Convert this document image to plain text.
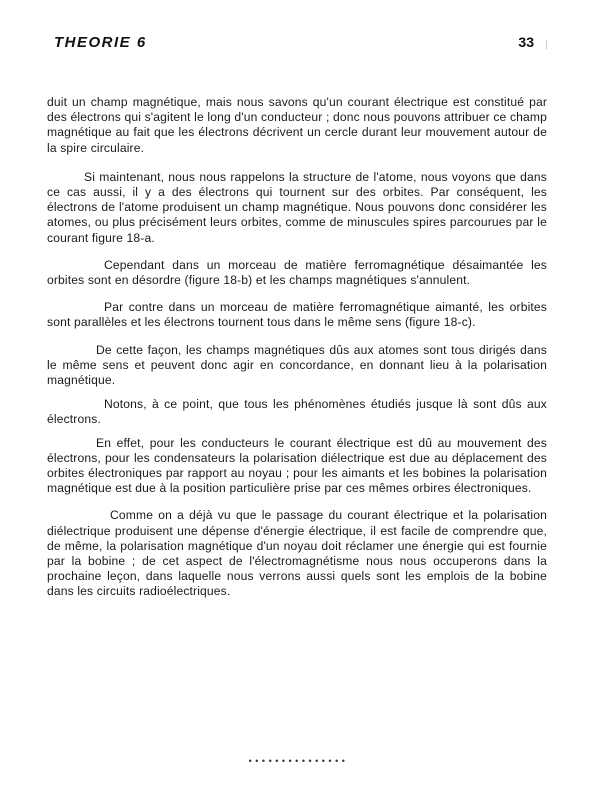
THEORIE 6	33

duit un champ magnétique, mais nous savons qu'un courant électrique est constitué par des électrons qui s'agitent le long d'un conducteur ; donc nous pouvons attribuer ce champ magnétique au fait que les électrons décrivent un cercle durant leur mouvement autour de la spire circulaire.

Si maintenant, nous nous rappelons la structure de l'atome, nous voyons que dans ce cas aussi, il y a des électrons qui tournent sur des orbites. Par conséquent, les électrons de l'atome produisent un champ magnétique. Nous pouvons donc considérer les atomes, ou plus précisément leurs orbites, comme de minuscules spires parcourues par le courant figure 18-a.

Cependant dans un morceau de matière ferromagnétique désaimantée les orbites sont en désordre (figure 18-b) et les champs magnétiques s'annulent.

Par contre dans un morceau de matière ferromagnétique aimanté, les orbites sont parallèles et les électrons tournent tous dans le même sens (figure 18-c).

De cette façon, les champs magnétiques dûs aux atomes sont tous dirigés dans le même sens et peuvent donc agir en concordance, en donnant lieu à la polarisation magnétique.

Notons, à ce point, que tous les phénomènes étudiés jusque là sont dûs aux électrons.

En effet, pour les conducteurs le courant électrique est dû au mouvement des électrons, pour les condensateurs la polarisation diélectrique est due au déplacement des orbites électroniques par rapport au noyau ; pour les aimants et les bobines la polarisation magnétique est due à la position particulière prise par ces mêmes orbires électroniques.

Comme on a déjà vu que le passage du courant électrique et la polarisation diélectrique produisent une dépense d'énergie électrique, il est facile de comprendre que, de même, la polarisation magnétique d'un noyau doit réclamer une énergie qui est fournie par la bobine ; de cet aspect de l'électromagnétisme nous nous occuperons dans la prochaine leçon, dans laquelle nous verrons aussi quels sont les emplois de la bobine dans les circuits radioélectriques.

• • • • • • • • • • • • • • •
